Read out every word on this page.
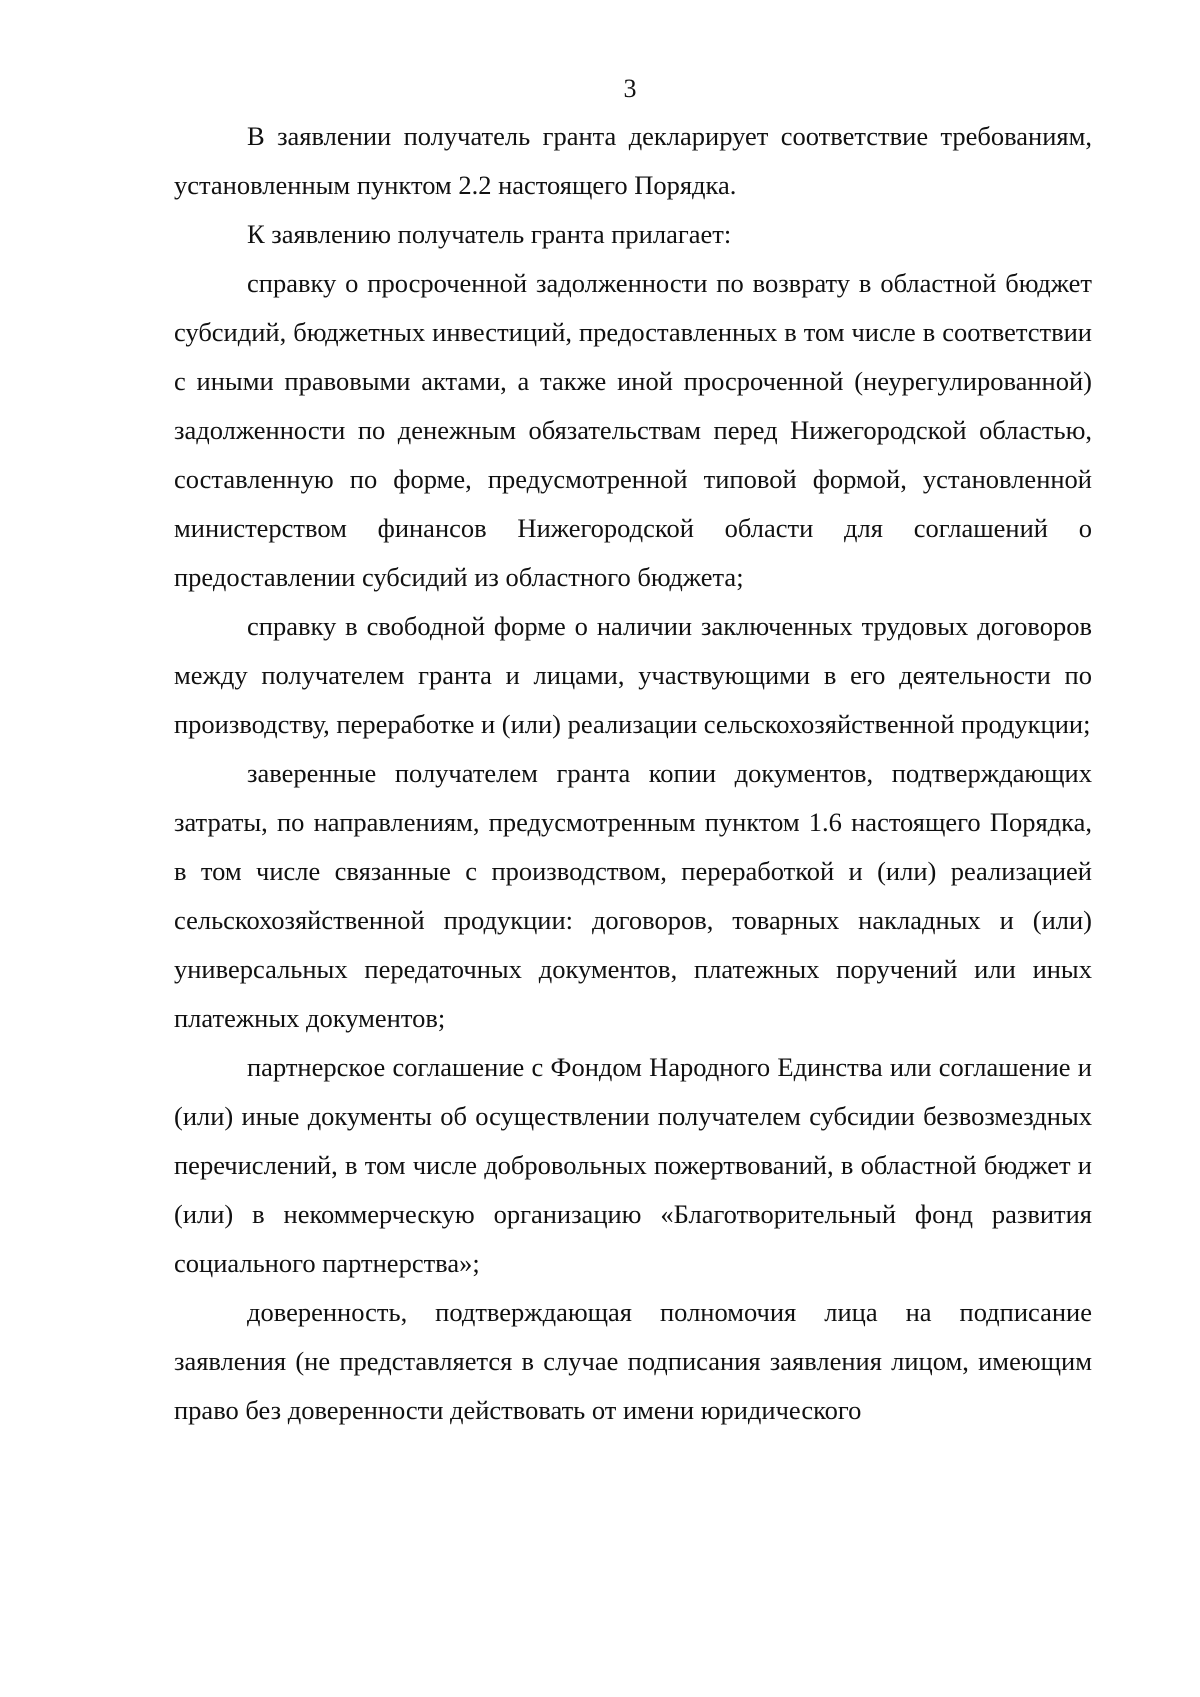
3

В заявлении получатель гранта декларирует соответствие требованиям, установленным пунктом 2.2 настоящего Порядка.

К заявлению получатель гранта прилагает:

справку о просроченной задолженности по возврату в областной бюджет субсидий, бюджетных инвестиций, предоставленных в том числе в соответствии с иными правовыми актами, а также иной просроченной (неурегулированной) задолженности по денежным обязательствам перед Нижегородской областью, составленную по форме, предусмотренной типовой формой, установленной министерством финансов Нижегородской области для соглашений о предоставлении субсидий из областного бюджета;

справку в свободной форме о наличии заключенных трудовых договоров между получателем гранта и лицами, участвующими в его деятельности по производству, переработке и (или) реализации сельскохозяйственной продукции;

заверенные получателем гранта копии документов, подтверждающих затраты, по направлениям, предусмотренным пунктом 1.6 настоящего Порядка, в том числе связанные с производством, переработкой и (или) реализацией сельскохозяйственной продукции: договоров, товарных накладных и (или) универсальных передаточных документов, платежных поручений или иных платежных документов;

партнерское соглашение с Фондом Народного Единства или соглашение и (или) иные документы об осуществлении получателем субсидии безвозмездных перечислений, в том числе добровольных пожертвований, в областной бюджет и (или) в некоммерческую организацию «Благотворительный фонд развития социального партнерства»;

доверенность, подтверждающая полномочия лица на подписание заявления (не представляется в случае подписания заявления лицом, имеющим право без доверенности действовать от имени юридического
